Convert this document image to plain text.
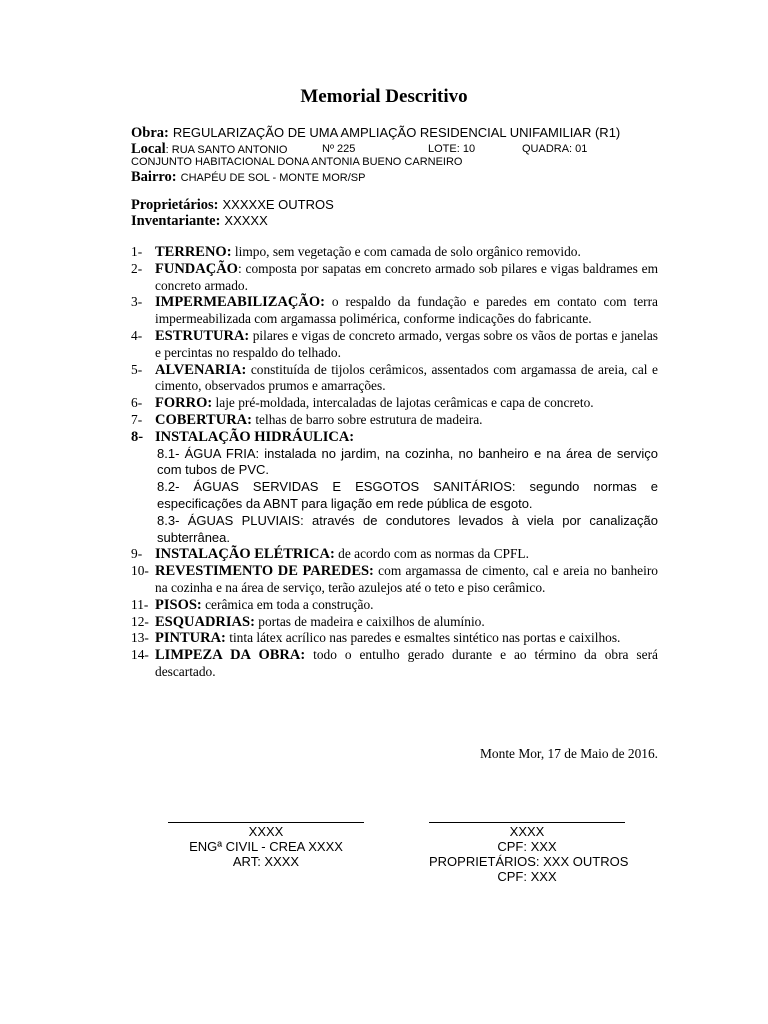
Memorial Descritivo
Obra: REGULARIZAÇÃO DE UMA AMPLIAÇÃO RESIDENCIAL UNIFAMILIAR (R1)
Local: RUA SANTO ANTONIO	Nº 225	LOTE: 10	QUADRA: 01
CONJUNTO HABITACIONAL DONA ANTONIA BUENO CARNEIRO
Bairro: CHAPÉU DE SOL - MONTE MOR/SP
Proprietários: XXXXXE OUTROS
Inventariante: XXXXX
1- TERRENO: limpo, sem vegetação e com camada de solo orgânico removido.
2- FUNDAÇÃO: composta por sapatas em concreto armado sob pilares e vigas baldrames em concreto armado.
3- IMPERMEABILIZAÇÃO: o respaldo da fundação e paredes em contato com terra impermeabilizada com argamassa polimérica, conforme indicações do fabricante.
4- ESTRUTURA: pilares e vigas de concreto armado, vergas sobre os vãos de portas e janelas e percintas no respaldo do telhado.
5- ALVENARIA: constituída de tijolos cerâmicos, assentados com argamassa de areia, cal e cimento, observados prumos e amarrações.
6- FORRO: laje pré-moldada, intercaladas de lajotas cerâmicas e capa de concreto.
7- COBERTURA: telhas de barro sobre estrutura de madeira.
8- INSTALAÇÃO HIDRÁULICA:
8.1- ÁGUA FRIA: instalada no jardim, na cozinha, no banheiro e na área de serviço com tubos de PVC.
8.2- ÁGUAS SERVIDAS E ESGOTOS SANITÁRIOS: segundo normas e especificações da ABNT para ligação em rede pública de esgoto.
8.3- ÁGUAS PLUVIAIS: através de condutores levados à viela por canalização subterrânea.
9- INSTALAÇÃO ELÉTRICA: de acordo com as normas da CPFL.
10- REVESTIMENTO DE PAREDES: com argamassa de cimento, cal e areia no banheiro na cozinha e na área de serviço, terão azulejos até o teto e piso cerâmico.
11- PISOS: cerâmica em toda a construção.
12- ESQUADRIAS: portas de madeira e caixilhos de alumínio.
13- PINTURA: tinta látex acrílico nas paredes e esmaltes sintético nas portas e caixilhos.
14- LIMPEZA DA OBRA: todo o entulho gerado durante e ao término da obra será descartado.
Monte Mor, 17 de Maio de 2016.
XXXX
ENGª CIVIL - CREA XXXX
ART: XXXX
XXXX
CPF: XXX
PROPRIETÁRIOS: XXX OUTROS
CPF: XXX
